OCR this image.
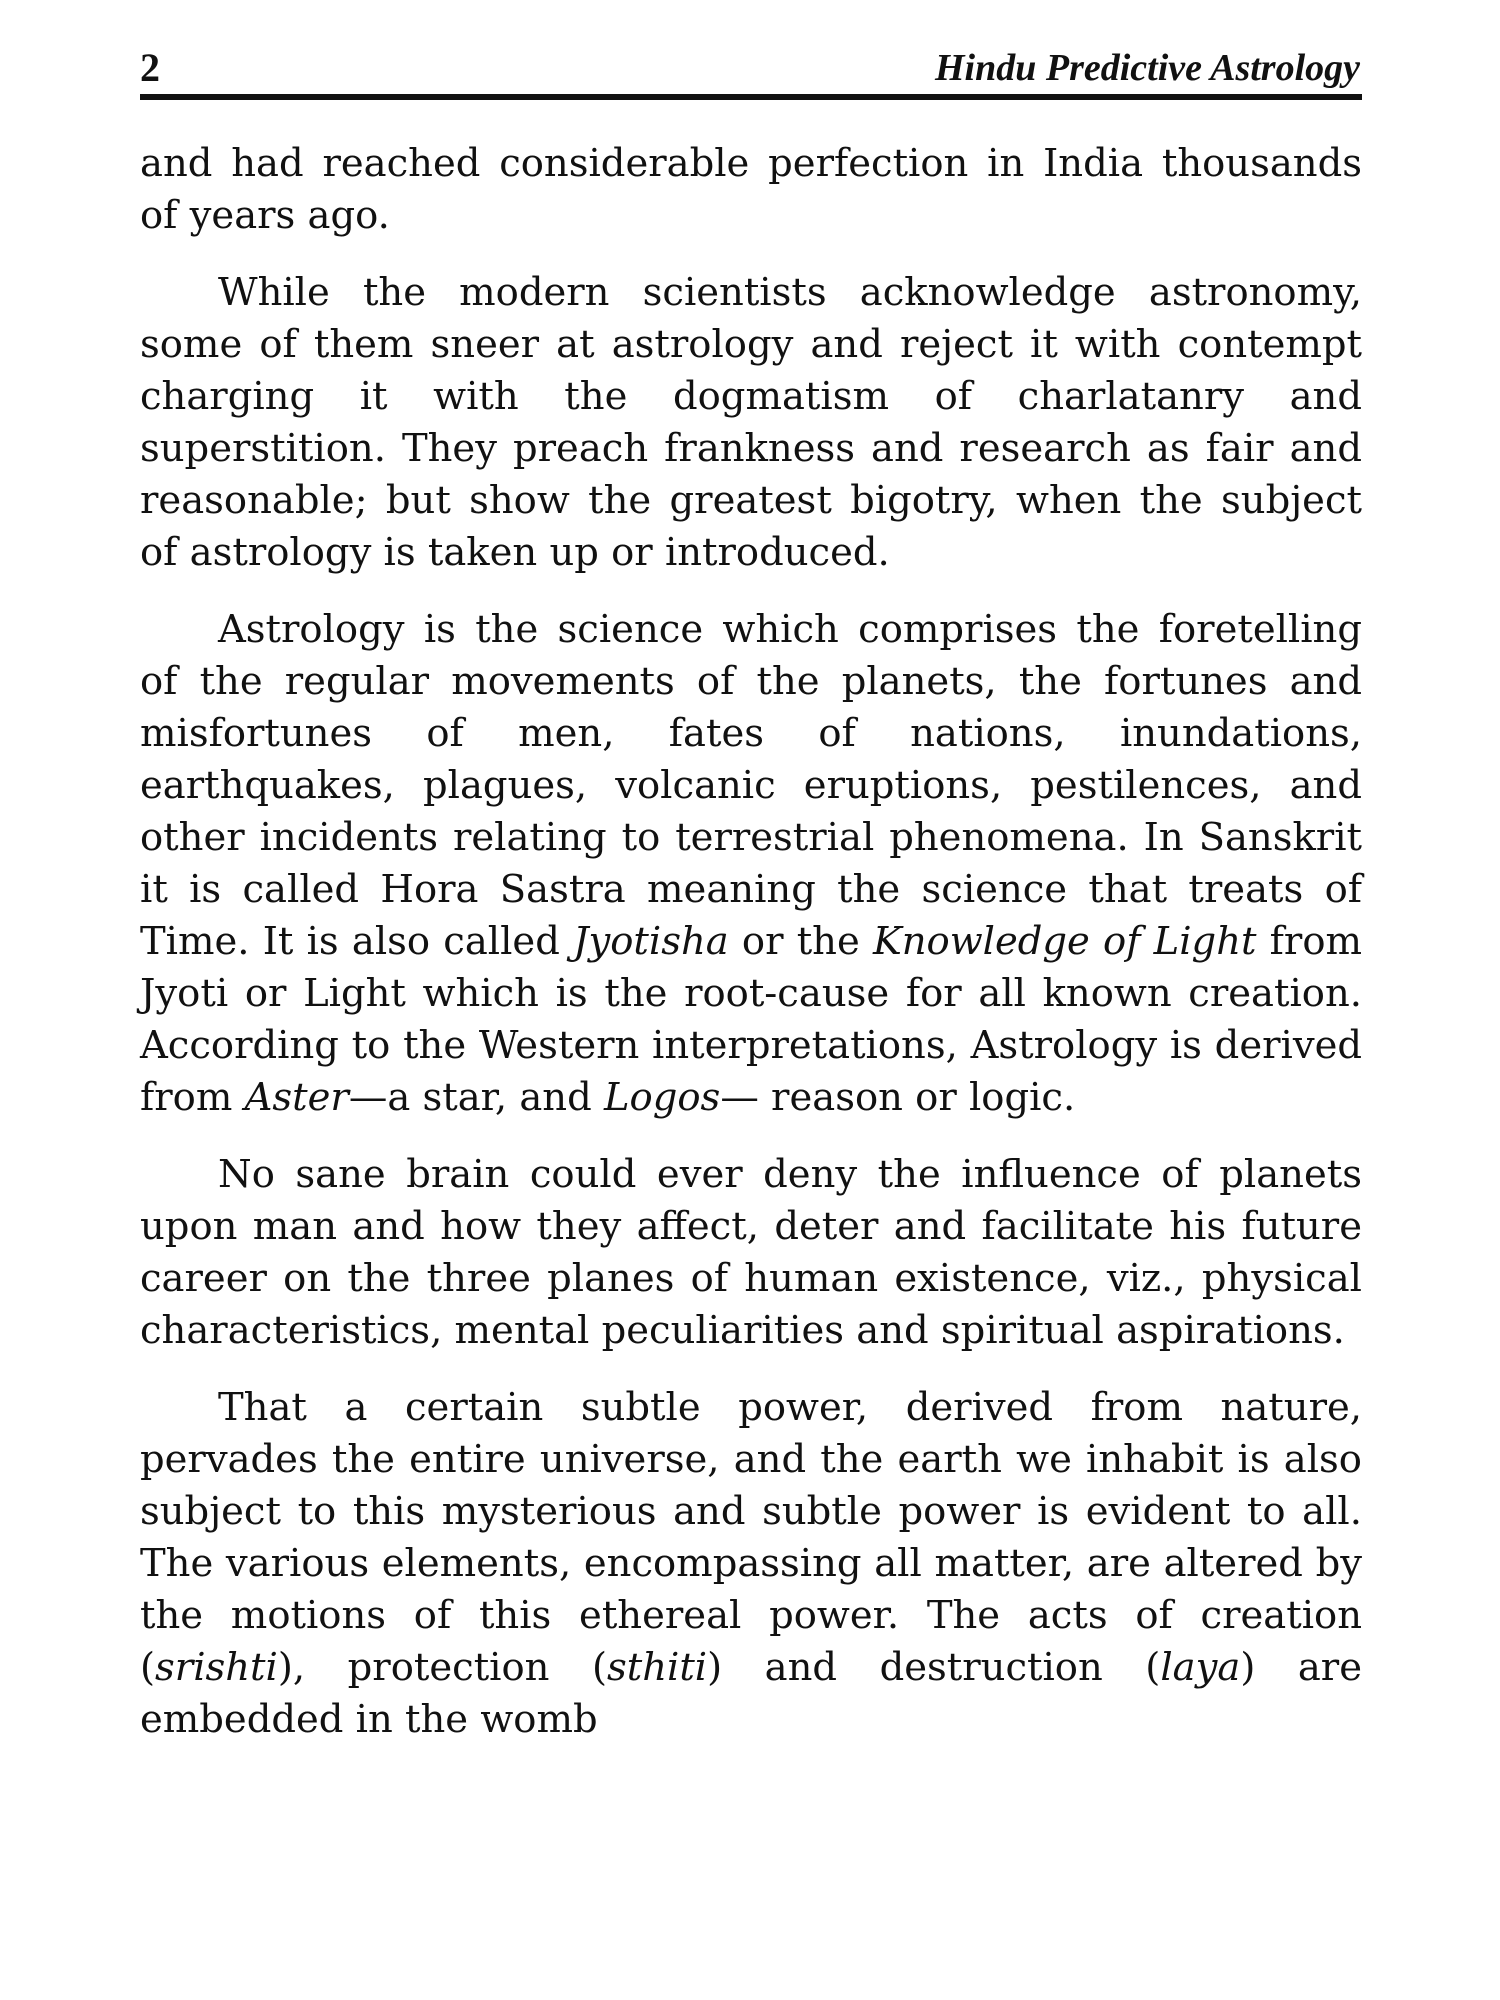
2	Hindu Predictive Astrology

and had reached considerable perfection in India thousands of years ago.

While the modern scientists acknowledge astronomy, some of them sneer at astrology and reject it with contempt charging it with the dogmatism of charlatanry and superstition. They preach frankness and research as fair and reasonable; but show the greatest bigotry, when the subject of astrology is taken up or introduced.

Astrology is the science which comprises the foretelling of the regular movements of the planets, the fortunes and misfortunes of men, fates of nations, inundations, earthquakes, plagues, volcanic eruptions, pestilences, and other incidents relating to terrestrial phenomena. In Sanskrit it is called Hora Sastra meaning the science that treats of Time. It is also called Jyotisha or the Knowledge of Light from Jyoti or Light which is the root-cause for all known creation. According to the Western interpretations, Astrology is derived from Aster—a star, and Logos— reason or logic.

No sane brain could ever deny the influence of planets upon man and how they affect, deter and facilitate his future career on the three planes of human existence, viz., physical characteristics, mental peculiarities and spiritual aspirations.

That a certain subtle power, derived from nature, pervades the entire universe, and the earth we inhabit is also subject to this mysterious and subtle power is evident to all. The various elements, encompassing all matter, are altered by the motions of this ethereal power. The acts of creation (srishti), protection (sthiti) and destruction (laya) are embedded in the womb
